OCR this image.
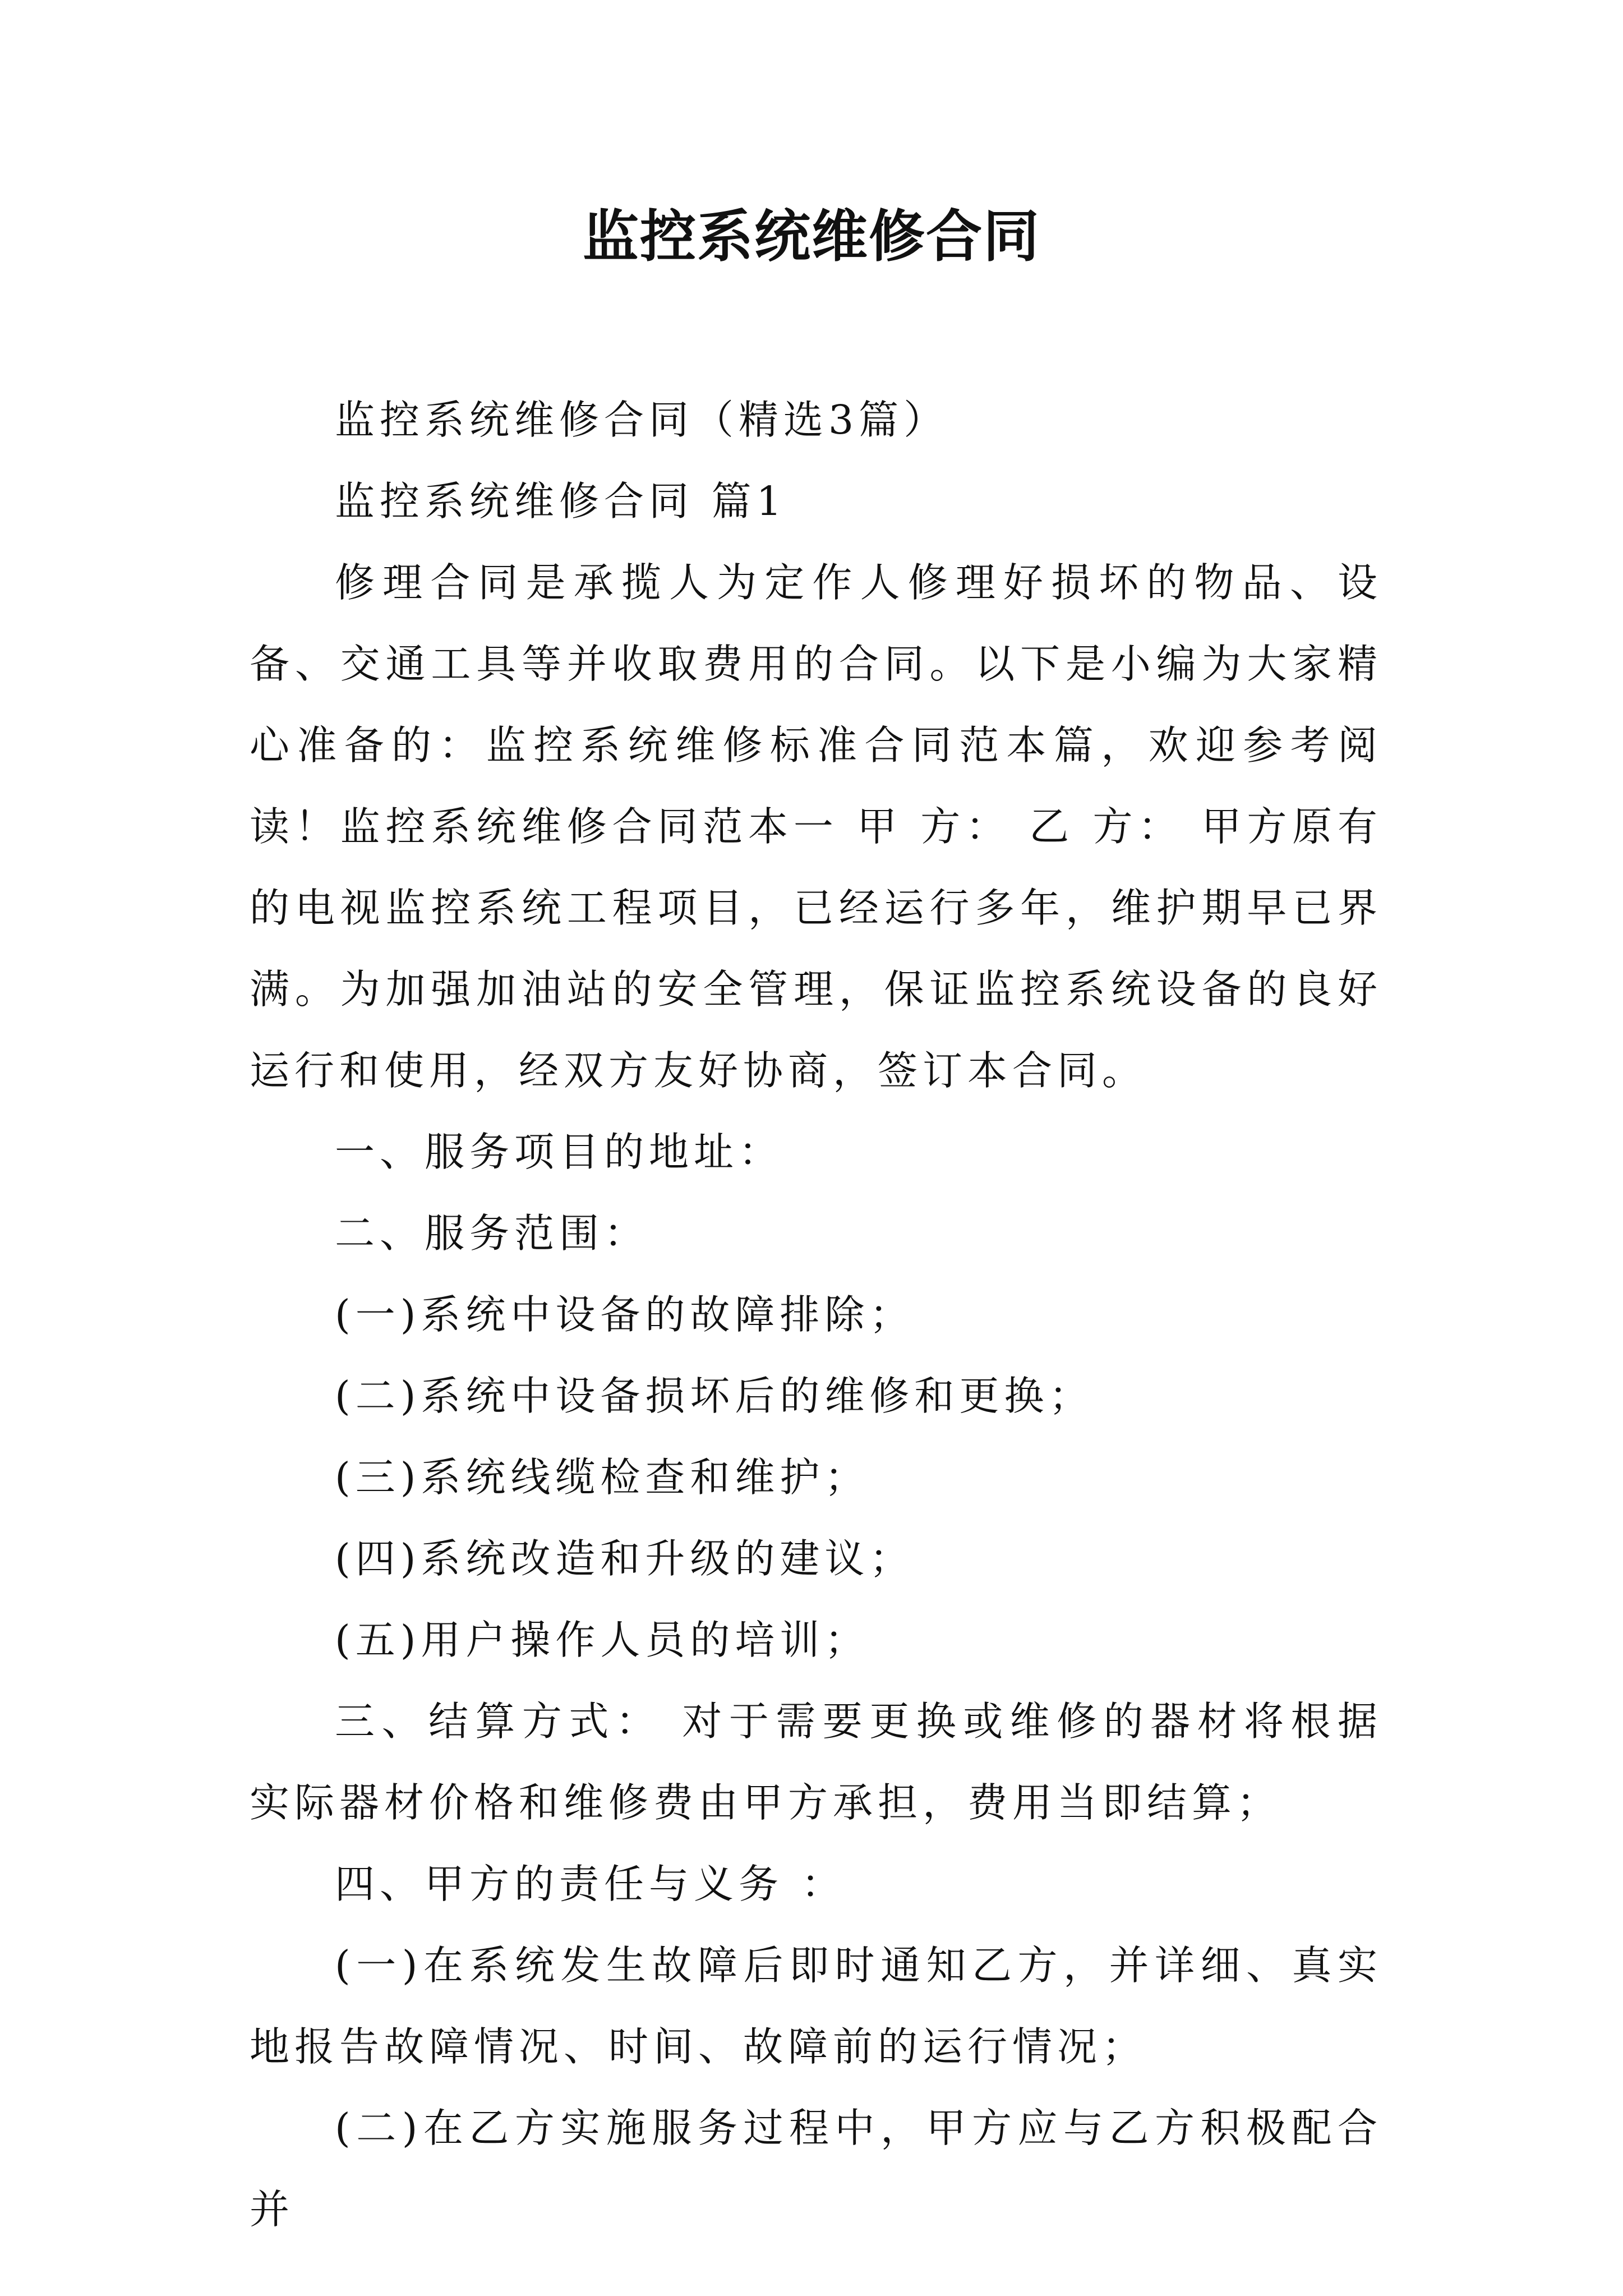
监控系统维修合同

监控系统维修合同（精选3篇）

监控系统维修合同 篇1

修理合同是承揽人为定作人修理好损坏的物品、设备、交通工具等并收取费用的合同。以下是小编为大家精心准备的：监控系统维修标准合同范本篇，欢迎参考阅读！监控系统维修合同范本一 甲 方： 乙 方： 甲方原有的电视监控系统工程项目，已经运行多年，维护期早已界满。为加强加油站的安全管理，保证监控系统设备的良好运行和使用，经双方友好协商，签订本合同。

一、服务项目的地址：

二、服务范围：

(一)系统中设备的故障排除；

(二)系统中设备损坏后的维修和更换；

(三)系统线缆检查和维护；

(四)系统改造和升级的建议；

(五)用户操作人员的培训；

三、结算方式： 对于需要更换或维修的器材将根据实际器材价格和维修费由甲方承担，费用当即结算；

四、甲方的责任与义务 ：

(一)在系统发生故障后即时通知乙方，并详细、真实地报告故障情况、时间、故障前的运行情况；

(二)在乙方实施服务过程中，甲方应与乙方积极配合并
